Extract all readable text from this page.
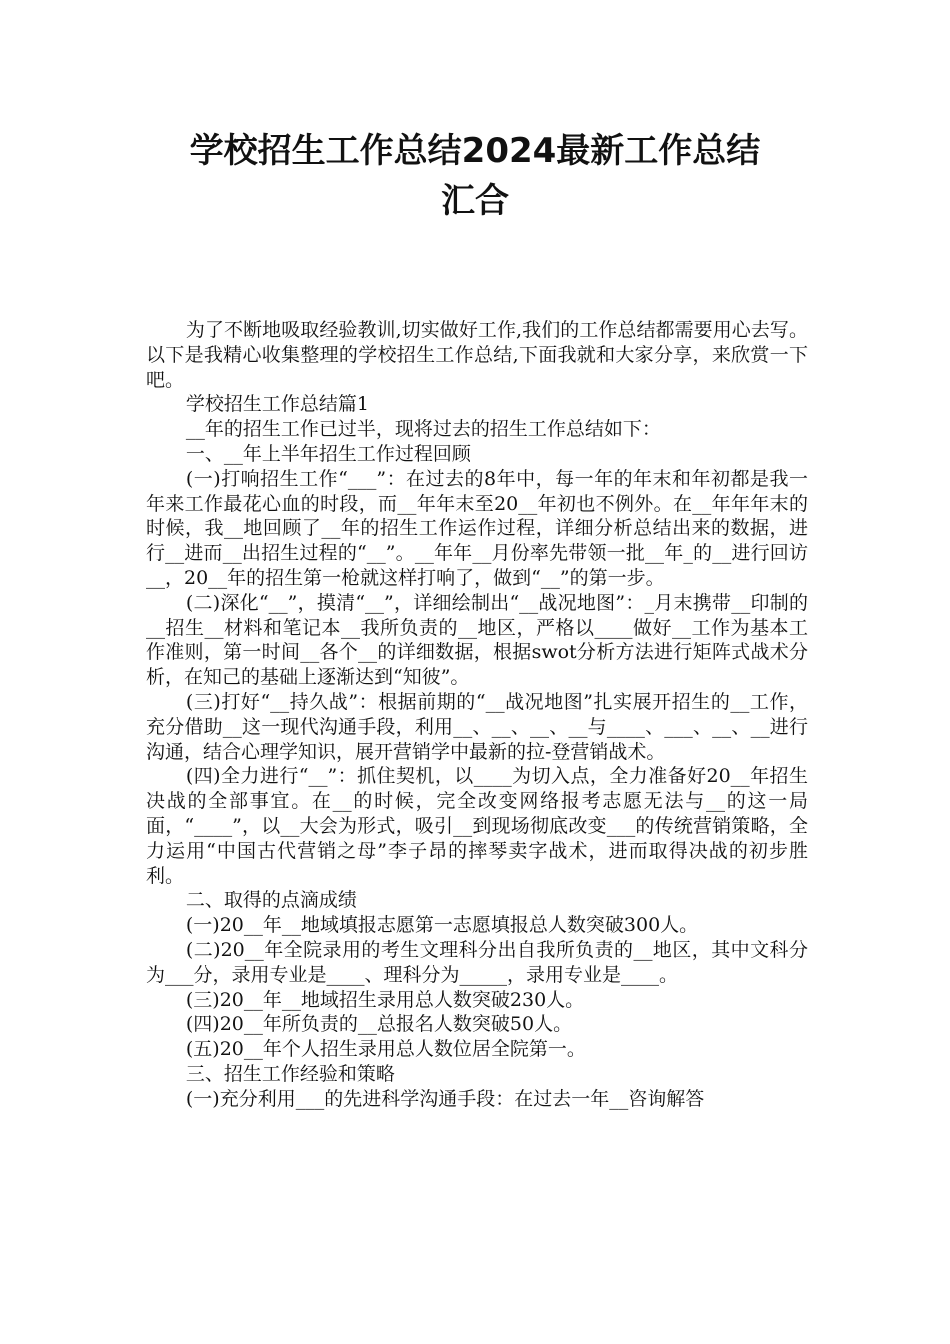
学校招生工作总结2024最新工作总结
汇合

为了不断地吸取经验教训,切实做好工作,我们的工作总结都需要用心去写。以下是我精心收集整理的学校招生工作总结,下面我就和大家分享，来欣赏一下吧。

学校招生工作总结篇1

__年的招生工作已过半，现将过去的招生工作总结如下：

一、__年上半年招生工作过程回顾

(一)打响招生工作“___”：在过去的8年中，每一年的年末和年初都是我一年来工作最花心血的时段，而__年年末至20__年初也不例外。在__年年年末的时候，我__地回顾了__年的招生工作运作过程，详细分析总结出来的数据，进行__进而__出招生过程的“__”。__年年__月份率先带领一批__年_的__进行回访__，20__年的招生第一枪就这样打响了，做到“__”的第一步。

(二)深化“__”，摸清“__”，详细绘制出“__战况地图”：_月末携带__印制的__招生__材料和笔记本__我所负责的__地区，严格以____做好__工作为基本工作准则，第一时间__各个__的详细数据，根据swot分析方法进行矩阵式战术分析，在知己的基础上逐渐达到“知彼”。

(三)打好“__持久战”：根据前期的“__战况地图”扎实展开招生的__工作，充分借助__这一现代沟通手段，利用__、__、__、__与____、___、__、__进行沟通，结合心理学知识，展开营销学中最新的拉-登营销战术。

(四)全力进行“__”：抓住契机，以____为切入点，全力准备好20__年招生决战的全部事宜。在__的时候，完全改变网络报考志愿无法与__的这一局面，“____”，以__大会为形式，吸引__到现场彻底改变___的传统营销策略，全力运用“中国古代营销之母”李子昂的摔琴卖字战术，进而取得决战的初步胜利。

二、取得的点滴成绩

(一)20__年__地域填报志愿第一志愿填报总人数突破300人。

(二)20__年全院录用的考生文理科分出自我所负责的__地区，其中文科分为___分，录用专业是____、理科分为_____，录用专业是____。

(三)20__年__地域招生录用总人数突破230人。

(四)20__年所负责的__总报名人数突破50人。

(五)20__年个人招生录用总人数位居全院第一。

三、招生工作经验和策略

(一)充分利用___的先进科学沟通手段：在过去一年__咨询解答
